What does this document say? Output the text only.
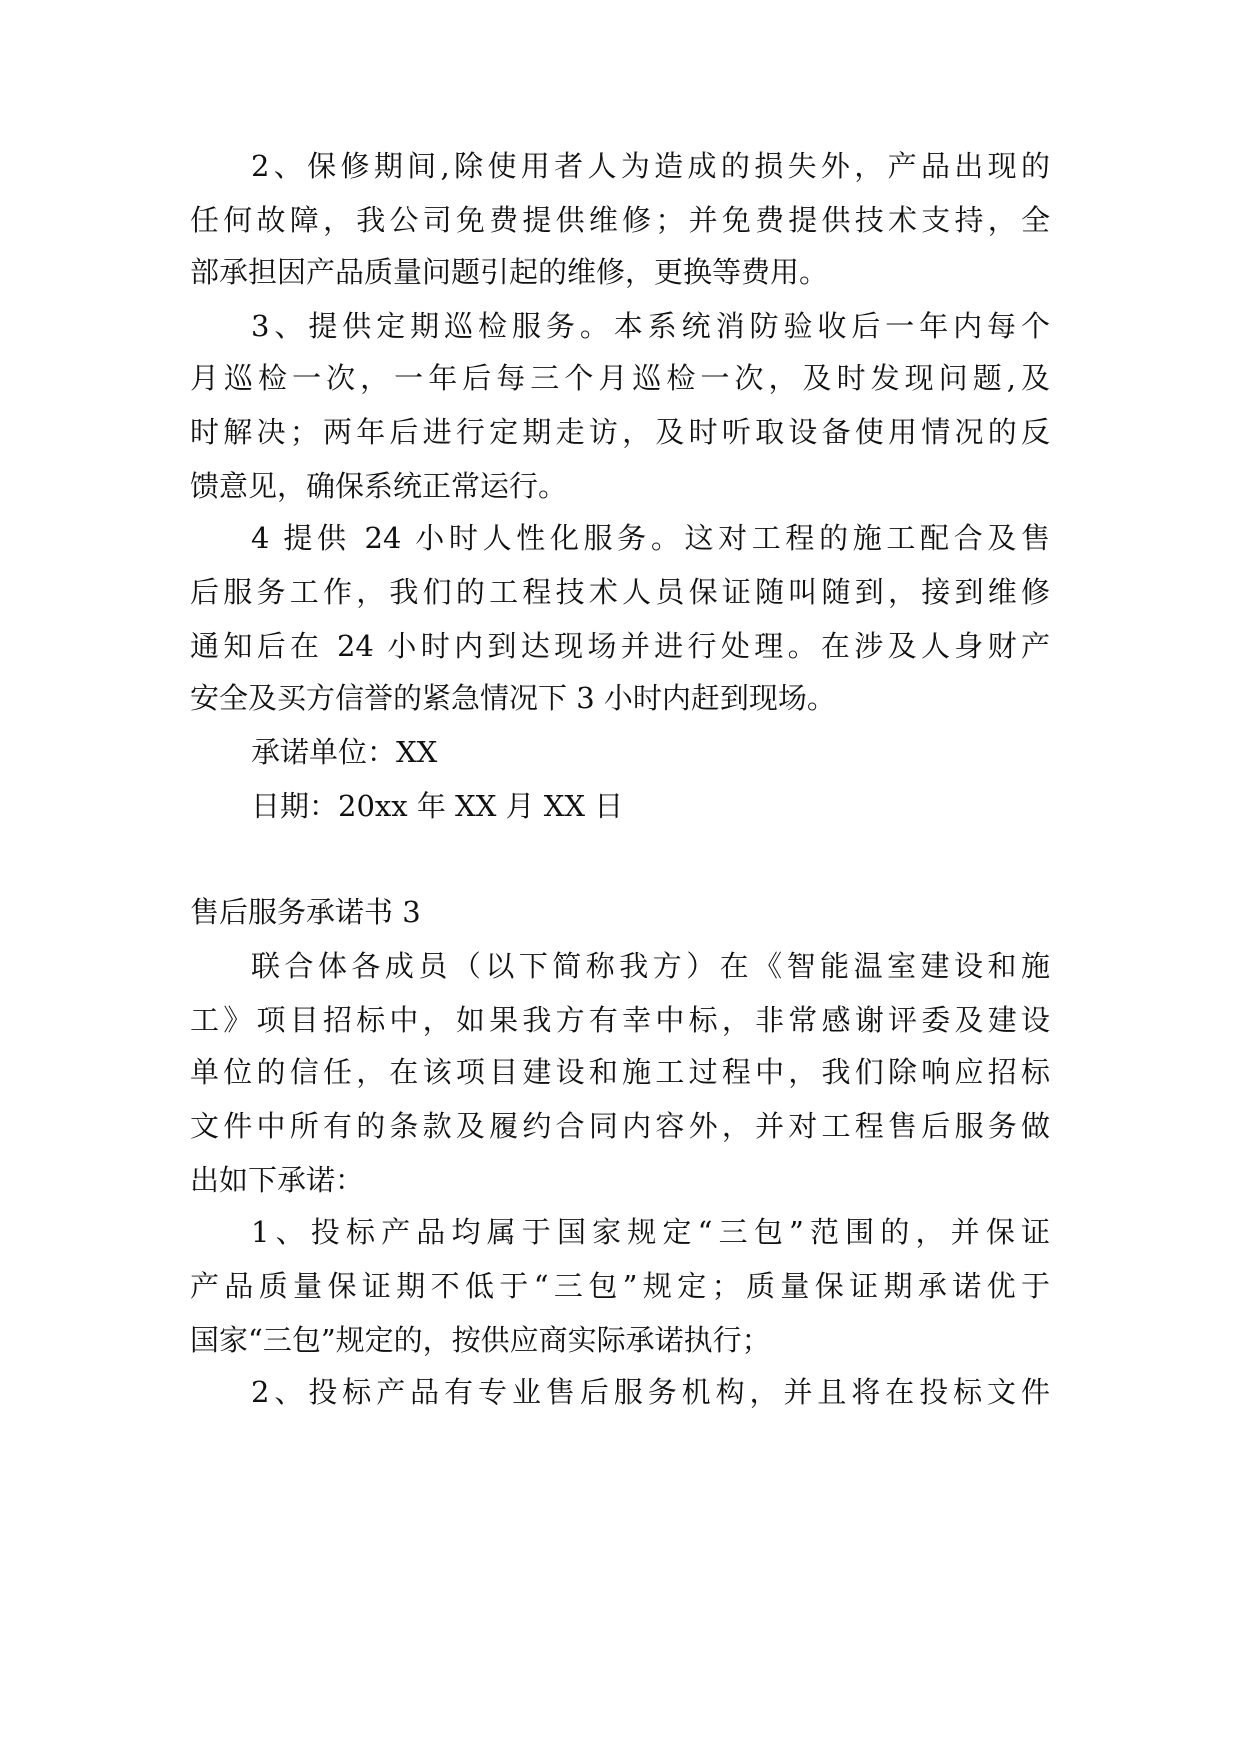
2、保修期间,除使用者人为造成的损失外，产品出现的
任何故障，我公司免费提供维修；并免费提供技术支持，全
部承担因产品质量问题引起的维修，更换等费用。
3、提供定期巡检服务。本系统消防验收后一年内每个
月巡检一次，一年后每三个月巡检一次，及时发现问题,及
时解决；两年后进行定期走访，及时听取设备使用情况的反
馈意见，确保系统正常运行。
4 提供 24 小时人性化服务。这对工程的施工配合及售
后服务工作，我们的工程技术人员保证随叫随到，接到维修
通知后在 24 小时内到达现场并进行处理。在涉及人身财产
安全及买方信誉的紧急情况下 3 小时内赶到现场。
承诺单位：XX
日期：20xx 年 XX 月 XX 日
售后服务承诺书 3
联合体各成员（以下简称我方）在《智能温室建设和施
工》项目招标中，如果我方有幸中标，非常感谢评委及建设
单位的信任，在该项目建设和施工过程中，我们除响应招标
文件中所有的条款及履约合同内容外，并对工程售后服务做
出如下承诺：
1、投标产品均属于国家规定“三包”范围的，并保证
产品质量保证期不低于“三包”规定；质量保证期承诺优于
国家“三包”规定的，按供应商实际承诺执行；
2、投标产品有专业售后服务机构，并且将在投标文件
